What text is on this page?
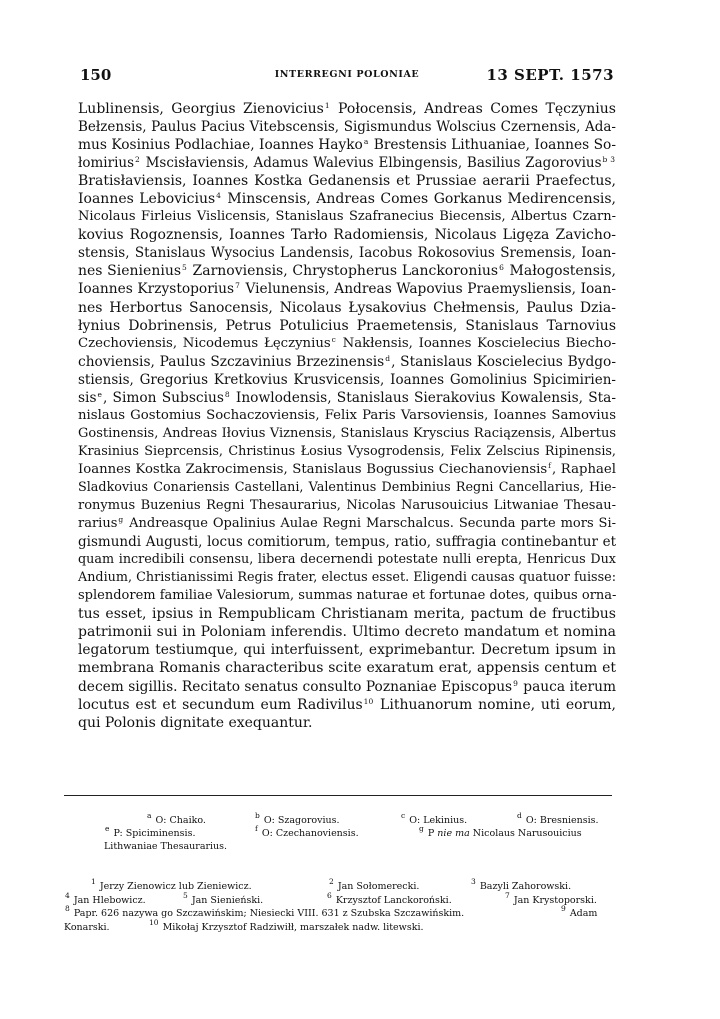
150	INTERREGNI POLONIAE	13 SEPT. 1573
Lublinensis, Georgius Zienovicius$^1$ Połocensis, Andreas Comes Tęczynius
Bełzensis, Paulus Pacius Vitebscensis, Sigismundus Wolscius Czernensis, Ada-
mus Kosinius Podlachiae, Ioannes Hayko$^a$ Brestensis Lithuaniae, Ioannes So-
łomirius$^2$ Mscisłaviensis, Adamus Walevius Elbingensis, Basilius Zagorovius$^{b 3}$
Bratisłaviensis, Ioannes Kostka Gedanensis et Prussiae aerarii Praefectus,
Ioannes Lebovicius$^4$ Minscensis, Andreas Comes Gorkanus Medirencensis,
Nicolaus Firleius Vislicensis, Stanislaus Szafranecius Biecensis, Albertus Czarn-
kovius Rogoznensis, Ioannes Tarło Radomiensis, Nicolaus Ligęza Zavicho-
stensis, Stanislaus Wysocius Landensis, Iacobus Rokosovius Sremensis, Ioan-
nes Sienienius$^5$ Zarnoviensis, Chrystopherus Lanckoronius$^6$ Małogostensis,
Ioannes Krzystoporius$^7$ Vielunensis, Andreas Wapovius Praemysliensis, Ioan-
nes Herbortus Sanocensis, Nicolaus Łysakovius Chełmensis, Paulus Dzia-
łynius Dobrinensis, Petrus Potulicius Praemetensis, Stanislaus Tarnovius
Czechoviensis, Nicodemus Łęczynius$^c$ Nakłensis, Ioannes Koscielecius Biecho-
choviensis, Paulus Szczavinius Brzezinensis$^d$, Stanislaus Koscielecius Bydgo-
stiensis, Gregorius Kretkovius Krusvicensis, Ioannes Gomolinius Spicimirien-
sis$^e$, Simon Subscius$^8$ Inowlodensis, Stanislaus Sierakovius Kowalensis, Sta-
nislaus Gostomius Sochaczoviensis, Felix Paris Varsoviensis, Ioannes Samovius
Gostinensis, Andreas Iłovius Viznensis, Stanislaus Kryscius Raciązensis, Albertus
Krasinius Sieprcensis, Christinus Łosius Vysogrodensis, Felix Zelscius Ripinensis,
Ioannes Kostka Zakrocimensis, Stanislaus Bogussius Ciechanoviensis$^f$, Raphael
Sladkovius Conariensis Castellani, Valentinus Dembinius Regni Cancellarius, Hie-
ronymus Buzenius Regni Thesaurarius, Nicolas Narusouicius Litwaniae Thesau-
rarius$^g$ Andreasque Opalinius Aulae Regni Marschalcus. Secunda parte mors Si-
gismundi Augusti, locus comitiorum, tempus, ratio, suffragia continebantur et
quam incredibili consensu, libera decernendi potestate nulli erepta, Henricus Dux
Andium, Christianissimi Regis frater, electus esset. Eligendi causas quatuor fuisse:
splendorem familiae Valesiorum, summas naturae et fortunae dotes, quibus orna-
tus esset, ipsius in Rempublicam Christianam merita, pactum de fructibus
patrimonii sui in Poloniam inferendis. Ultimo decreto mandatum et nomina
legatorum testiumque, qui interfuissent, exprimebantur. Decretum ipsum in
membrana Romanis characteribus scite exaratum erat, appensis centum et
decem sigillis. Recitato senatus consulto Poznaniae Episcopus$^9$ pauca iterum
locutus est et secundum eum Radivilus$^{10}$ Lithuanorum nomine, uti eorum,
qui Polonis dignitate exequantur.
$^a$ O: Chaiko.	$^b$ O: Szagorovius.	$^c$ O: Lekinius.	$^d$ O: Bresniensis.
$^e$ P: Spiciminensis.	$^f$ O: Czechanoviensis.	$^g$ P nie ma Nicolaus Narusouicius
Lithwaniae Thesaurarius.
$^1$ Jerzy Zienowicz lub Zieniewicz.	$^2$ Jan Sołomerecki.	$^3$ Bazyli Zahorowski.
$^4$ Jan Hlebowicz.	$^5$ Jan Sienieński.	$^6$ Krzysztof Lanckoroński.	$^7$ Jan Krystoporski.
$^8$ Papr. 626 nazywa go Szczawińskim; Niesiecki VIII. 631 z Szubska Szczawińskim.	$^9$ Adam
Konarski.	$^{10}$ Mikołaj Krzysztof Radziwiłł, marszałek nadw. litewski.
